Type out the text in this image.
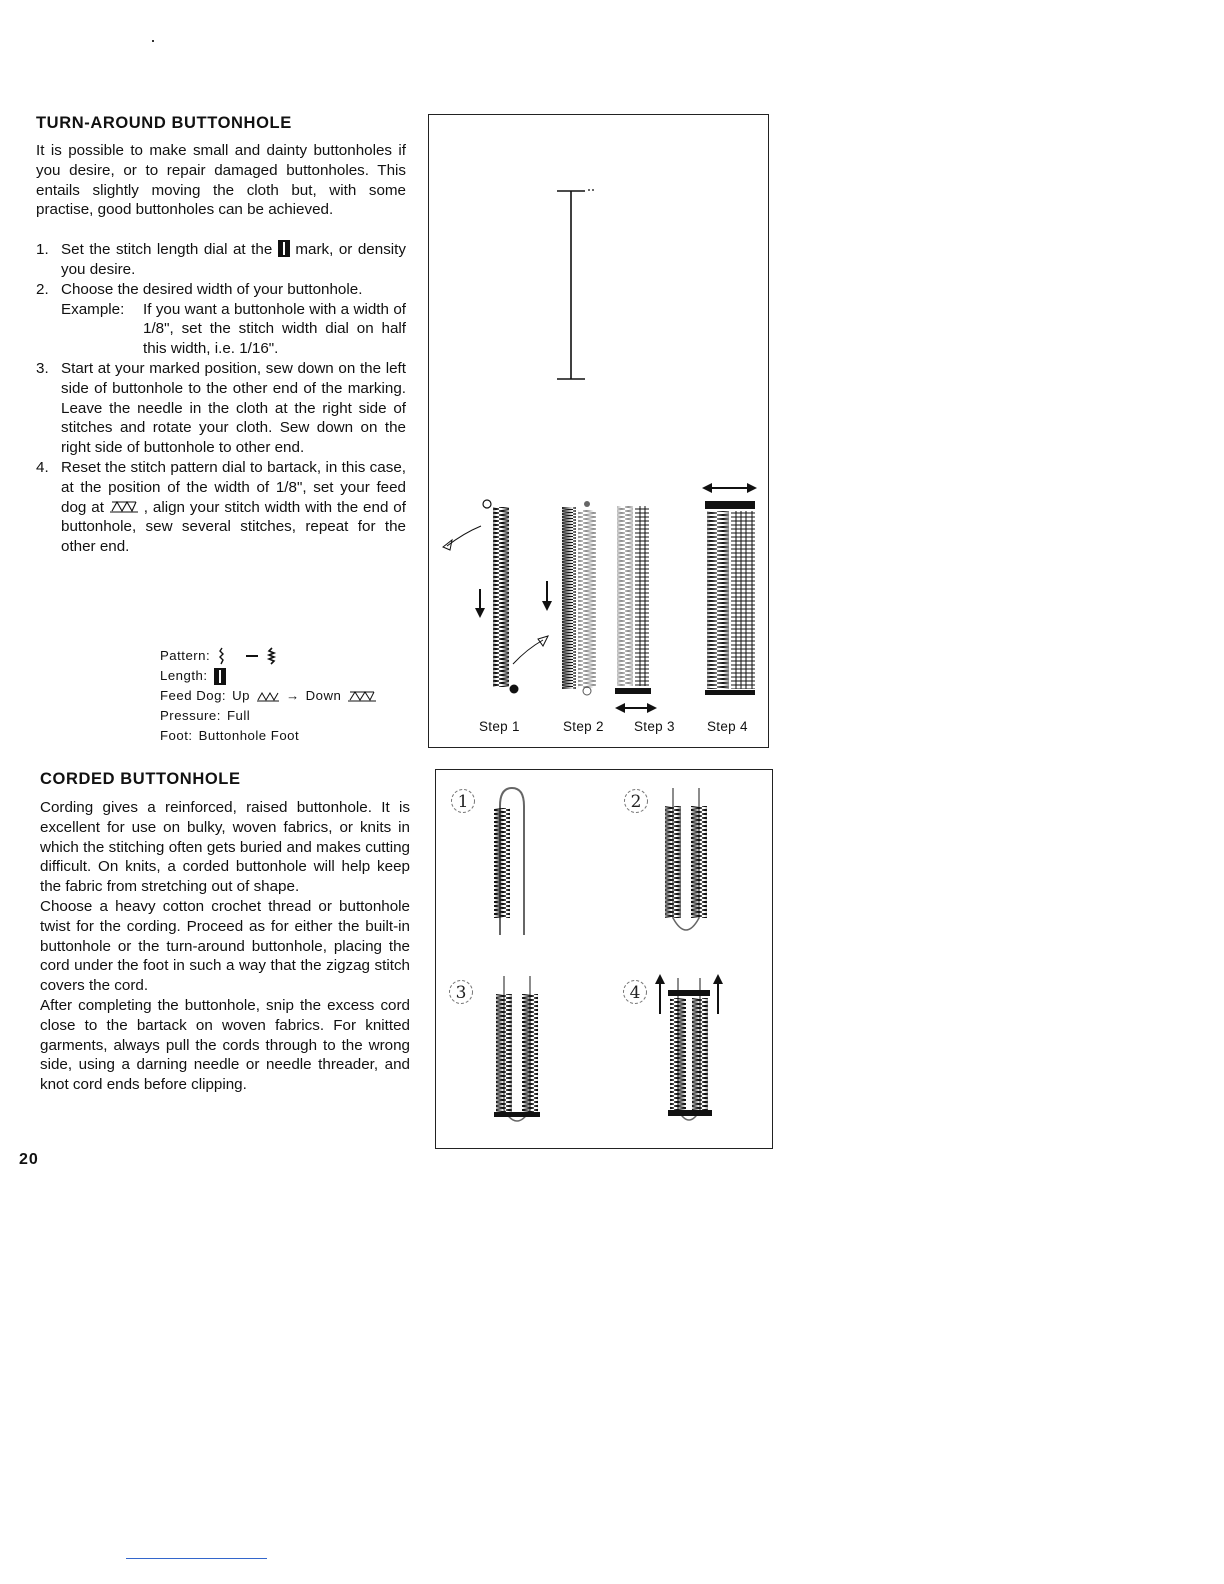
TURN-AROUND BUTTONHOLE

It is possible to make small and dainty buttonholes if you desire, or to repair damaged buttonholes. This entails slightly moving the cloth but, with some practise, good buttonholes can be achieved.

1. Set the stitch length dial at the mark, or density you desire.
2. Choose the desired width of your buttonhole.
Example:	If you want a buttonhole with a width of 1/8", set the stitch width dial on half this width, i.e. 1/16".
3. Start at your marked position, sew down on the left side of buttonhole to the other end of the marking. Leave the needle in the cloth at the right side of stitches and rotate your cloth. Sew down on the right side of buttonhole to other end.
4. Reset the stitch pattern dial to bartack, in this case, at the position of the width of 1/8", set your feed dog at	, align your stitch width with the end of buttonhole, sew several stitches, repeat for the other end.
Pattern:
Length:
Feed Dog: Up	→ Down
Pressure: Full
Foot: Buttonhole Foot
Step 1	Step 2 Step 3 Step 4
CORDED BUTTONHOLE

Cording gives a reinforced, raised buttonhole. It is excellent for use on bulky, woven fabrics, or knits in which the stitching often gets buried and makes cutting difficult. On knits, a corded buttonhole will help keep the fabric from stretching out of shape.

Choose a heavy cotton crochet thread or buttonhole twist for the cording. Proceed as for either the built-in buttonhole or the turn-around buttonhole, placing the cord under the foot in such a way that the zigzag stitch covers the cord.

After completing the buttonhole, snip the excess cord close to the bartack on woven fabrics. For knitted garments, always pull the cords through to the wrong side, using a darning needle or needle threader, and knot cord ends before clipping.

1	2
3	4
20
